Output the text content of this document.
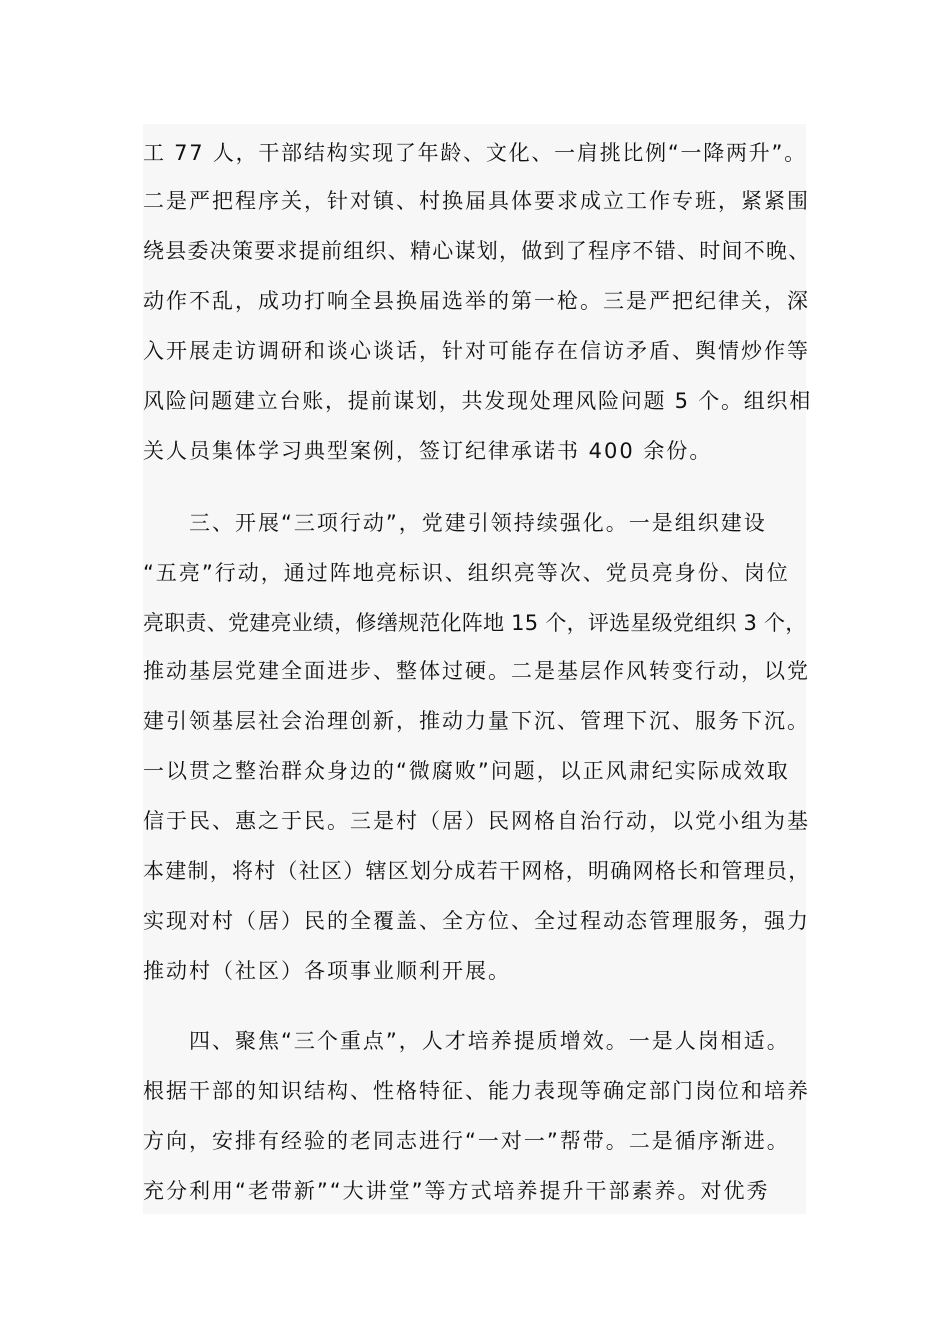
工 77 人，干部结构实现了年龄、文化、一肩挑比例“一降两升”。
二是严把程序关，针对镇、村换届具体要求成立工作专班，紧紧围
绕县委决策要求提前组织、精心谋划，做到了程序不错、时间不晚、
动作不乱，成功打响全县换届选举的第一枪。三是严把纪律关，深
入开展走访调研和谈心谈话，针对可能存在信访矛盾、舆情炒作等
风险问题建立台账，提前谋划，共发现处理风险问题 5 个。组织相
关人员集体学习典型案例，签订纪律承诺书 400 余份。
　　三、开展“三项行动”，党建引领持续强化。一是组织建设
“五亮”行动，通过阵地亮标识、组织亮等次、党员亮身份、岗位
亮职责、党建亮业绩，修缮规范化阵地 15 个，评选星级党组织 3 个，
推动基层党建全面进步、整体过硬。二是基层作风转变行动，以党
建引领基层社会治理创新，推动力量下沉、管理下沉、服务下沉。
一以贯之整治群众身边的“微腐败”问题，以正风肃纪实际成效取
信于民、惠之于民。三是村（居）民网格自治行动，以党小组为基
本建制，将村（社区）辖区划分成若干网格，明确网格长和管理员，
实现对村（居）民的全覆盖、全方位、全过程动态管理服务，强力
推动村（社区）各项事业顺利开展。
　　四、聚焦“三个重点”，人才培养提质增效。一是人岗相适。
根据干部的知识结构、性格特征、能力表现等确定部门岗位和培养
方向，安排有经验的老同志进行“一对一”帮带。二是循序渐进。
充分利用“老带新”“大讲堂”等方式培养提升干部素养。对优秀
